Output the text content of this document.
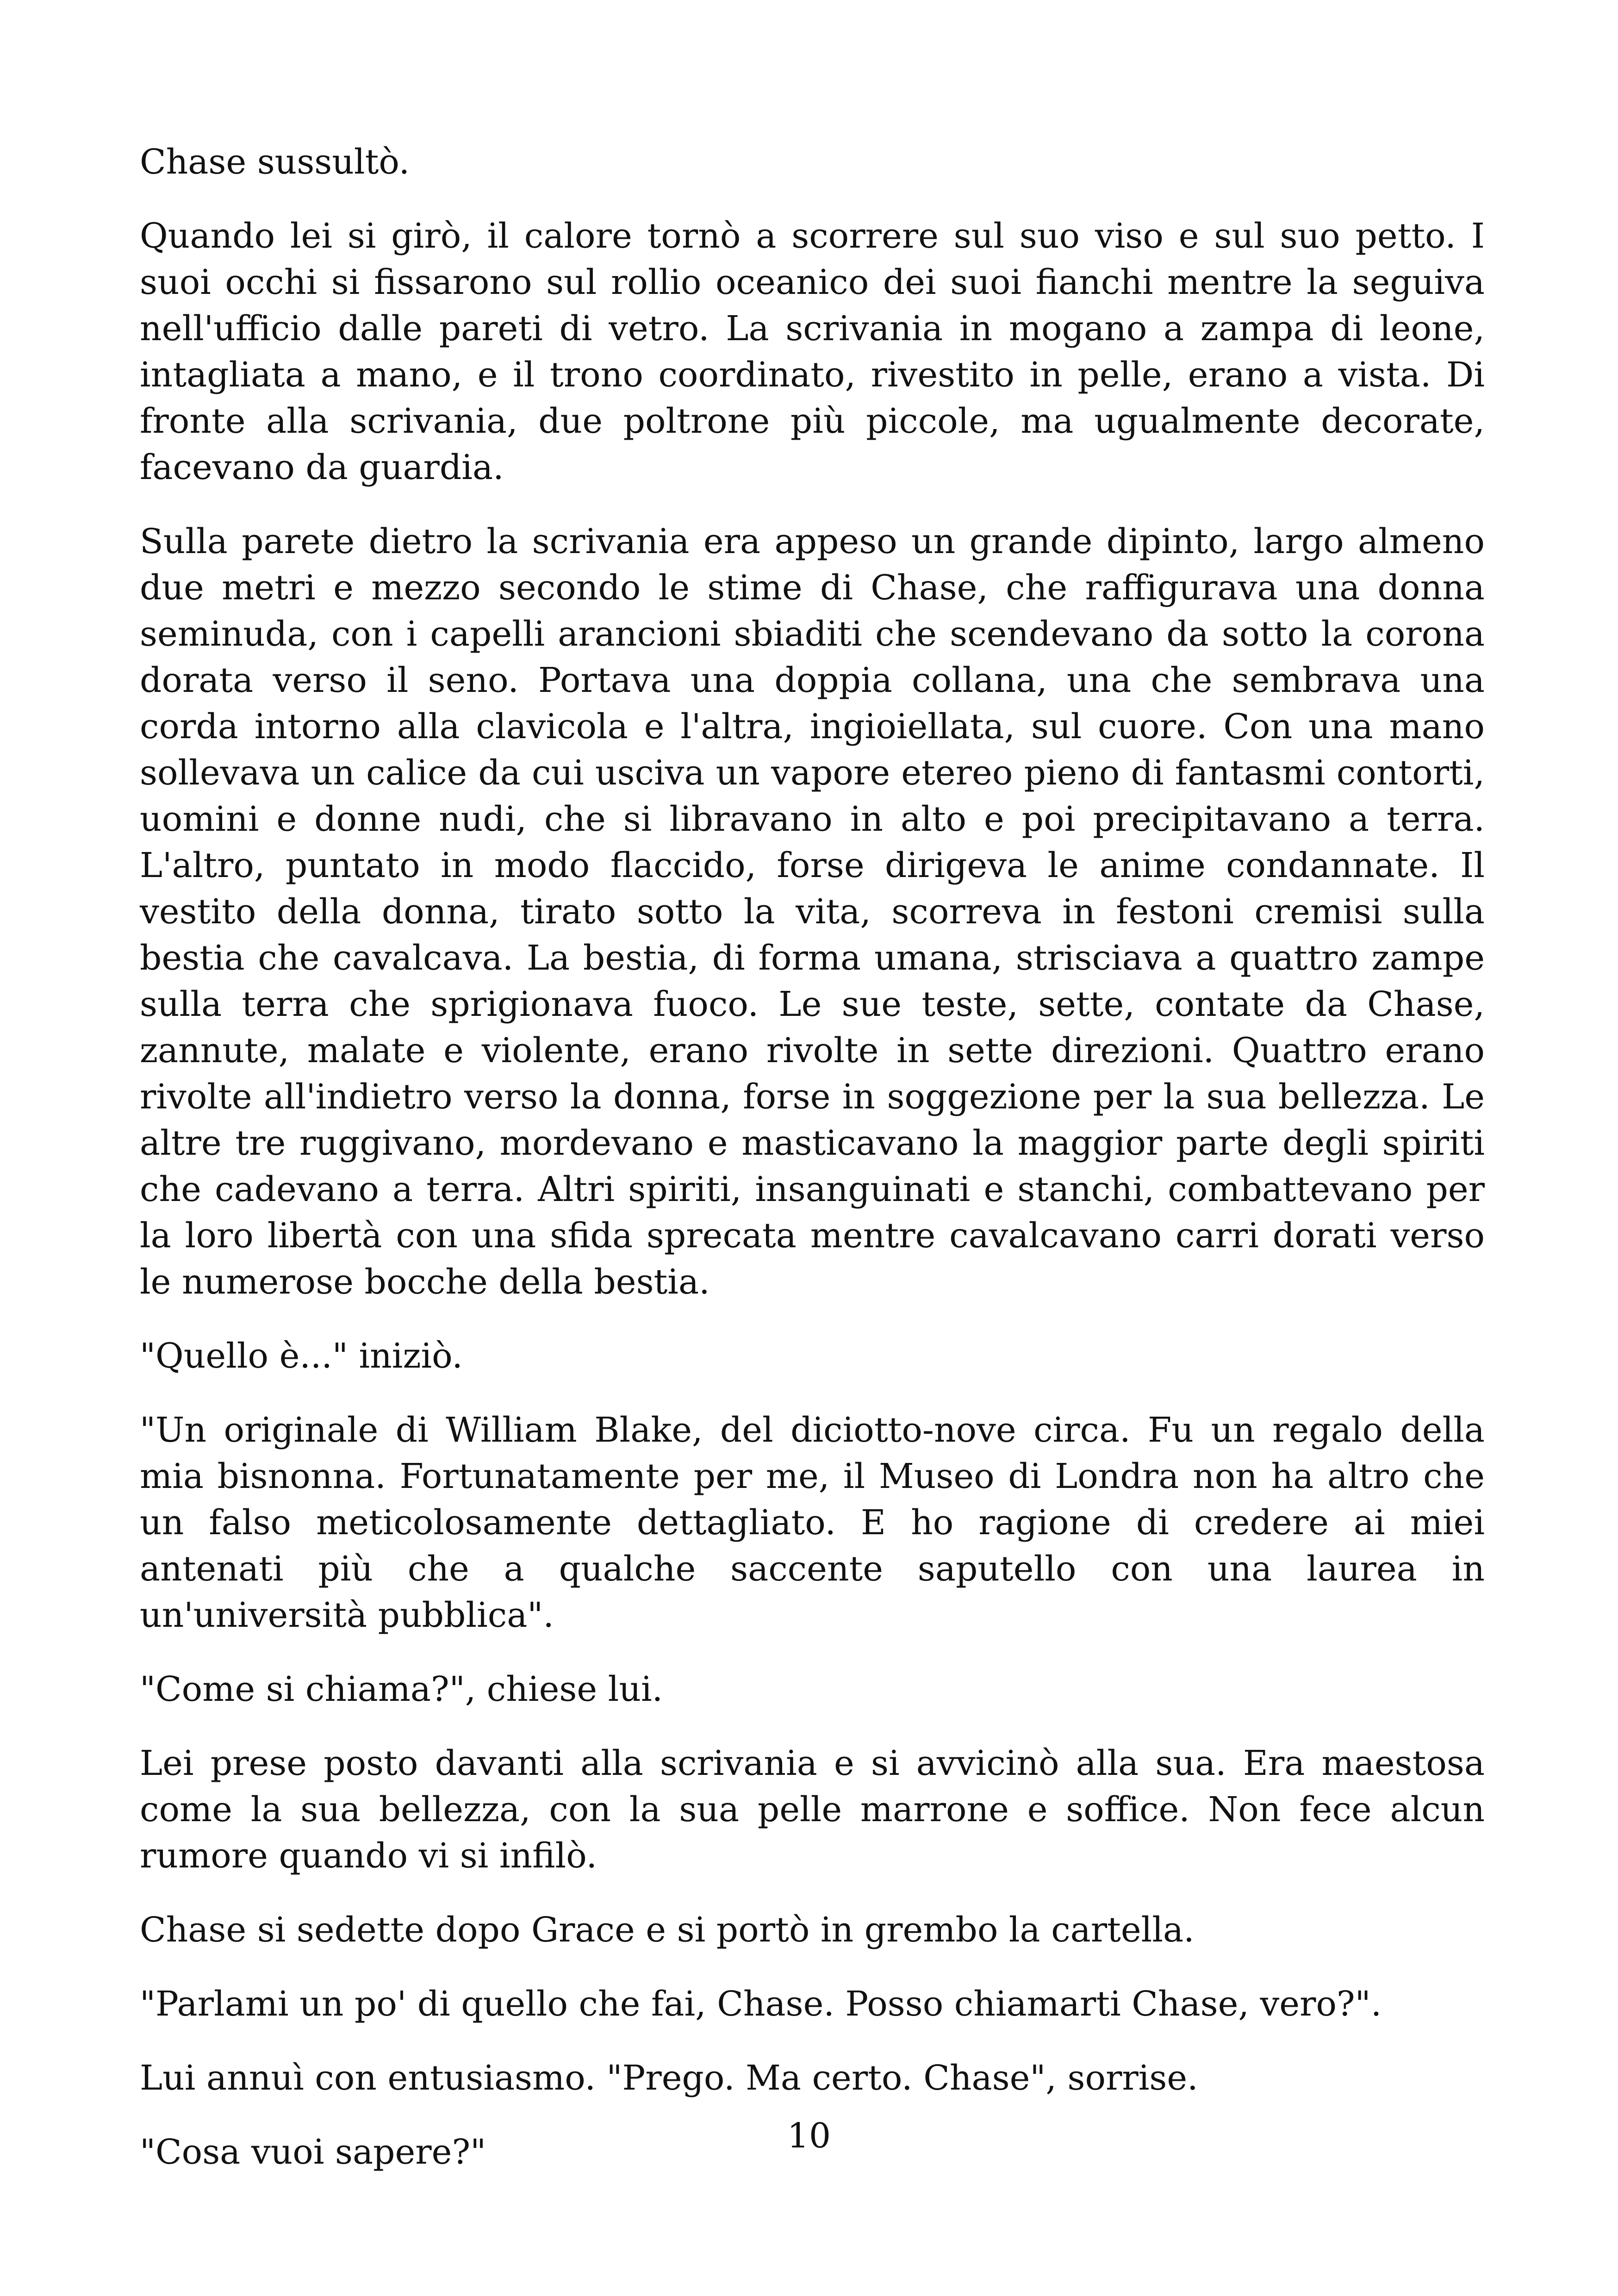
Chase sussultò.

Quando lei si girò, il calore tornò a scorrere sul suo viso e sul suo petto. I suoi occhi si fissarono sul rollio oceanico dei suoi fianchi mentre la seguiva nell'ufficio dalle pareti di vetro. La scrivania in mogano a zampa di leone, intagliata a mano, e il trono coordinato, rivestito in pelle, erano a vista. Di fronte alla scrivania, due poltrone più piccole, ma ugualmente decorate, facevano da guardia.

Sulla parete dietro la scrivania era appeso un grande dipinto, largo almeno due metri e mezzo secondo le stime di Chase, che raffigurava una donna seminuda, con i capelli arancioni sbiaditi che scendevano da sotto la corona dorata verso il seno. Portava una doppia collana, una che sembrava una corda intorno alla clavicola e l'altra, ingioiellata, sul cuore. Con una mano sollevava un calice da cui usciva un vapore etereo pieno di fantasmi contorti, uomini e donne nudi, che si libravano in alto e poi precipitavano a terra. L'altro, puntato in modo flaccido, forse dirigeva le anime condannate. Il vestito della donna, tirato sotto la vita, scorreva in festoni cremisi sulla bestia che cavalcava. La bestia, di forma umana, strisciava a quattro zampe sulla terra che sprigionava fuoco. Le sue teste, sette, contate da Chase, zannute, malate e violente, erano rivolte in sette direzioni. Quattro erano rivolte all'indietro verso la donna, forse in soggezione per la sua bellezza. Le altre tre ruggivano, mordevano e masticavano la maggior parte degli spiriti che cadevano a terra. Altri spiriti, insanguinati e stanchi, combattevano per la loro libertà con una sfida sprecata mentre cavalcavano carri dorati verso le numerose bocche della bestia.

"Quello è..." iniziò.

"Un originale di William Blake, del diciotto-nove circa. Fu un regalo della mia bisnonna. Fortunatamente per me, il Museo di Londra non ha altro che un falso meticolosamente dettagliato. E ho ragione di credere ai miei antenati più che a qualche saccente saputello con una laurea in un'università pubblica".

"Come si chiama?", chiese lui.

Lei prese posto davanti alla scrivania e si avvicinò alla sua. Era maestosa come la sua bellezza, con la sua pelle marrone e soffice. Non fece alcun rumore quando vi si infilò.

Chase si sedette dopo Grace e si portò in grembo la cartella.

"Parlami un po' di quello che fai, Chase. Posso chiamarti Chase, vero?".

Lui annuì con entusiasmo. "Prego. Ma certo. Chase", sorrise.

"Cosa vuoi sapere?"	10
